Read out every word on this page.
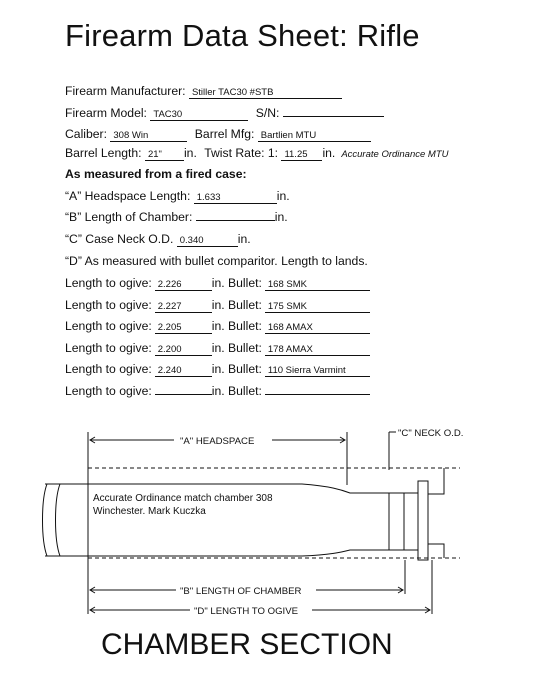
Firearm Data Sheet: Rifle
Firearm Manufacturer: Stiller TAC30 #STB
Firearm Model: TAC30	S/N:
Caliber: 308 Win	Barrel Mfg: Bartlien MTU
Barrel Length: 21" in. Twist Rate: 1: 11.25 in. Accurate Ordinance MTU
As measured from a fired case:
“A” Headspace Length: 1.633	in.
“B” Length of Chamber:	in.
“C” Case Neck O.D. 0.340	in.
“D” As measured with bullet comparitor. Length to lands.
Length to ogive: 2.226 in. Bullet: 168 SMK
Length to ogive: 2.227 in. Bullet: 175 SMK
Length to ogive: 2.205 in. Bullet: 168 AMAX
Length to ogive: 2.200 in. Bullet: 178 AMAX
Length to ogive: 2.240 in. Bullet: 110 Sierra Varmint
Length to ogive:	in. Bullet:
"A" HEADSPACE
"C" NECK O.D.
"B" LENGTH OF CHAMBER
"D" LENGTH TO OGIVE
Accurate Ordinance match chamber 308
Winchester. Mark Kuczka
CHAMBER SECTION
